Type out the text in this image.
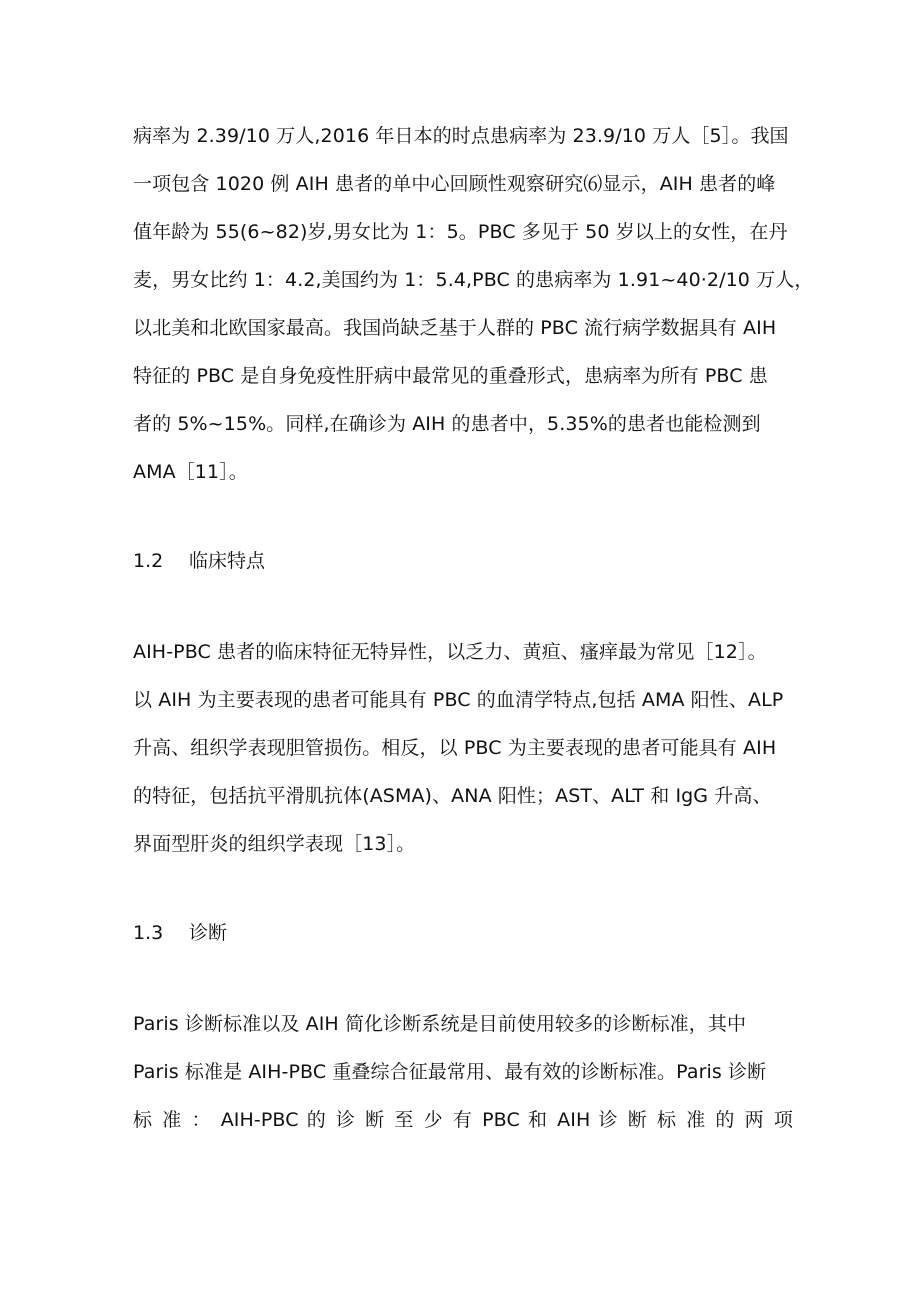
病率为 2.39/10 万人,2016 年日本的时点患病率为 23.9/10 万人［5］。我国

一项包含 1020 例 AIH 患者的单中心回顾性观察研究⑹显示，AIH 患者的峰

值年龄为 55(6~82)岁,男女比为 1：5。PBC 多见于 50 岁以上的女性，在丹

麦，男女比约 1：4.2,美国约为 1：5.4,PBC 的患病率为 1.91~40·2/10 万人，

以北美和北欧国家最高。我国尚缺乏基于人群的 PBC 流行病学数据具有 AIH

特征的 PBC 是自身免疫性肝病中最常见的重叠形式，患病率为所有 PBC 患

者的 5%~15%。同样,在确诊为 AIH 的患者中，5.35%的患者也能检测到

AMA［11］。

1.2 临床特点

AIH-PBC 患者的临床特征无特异性，以乏力、黄疸、瘙痒最为常见［12］。

以 AIH 为主要表现的患者可能具有 PBC 的血清学特点,包括 AMA 阳性、ALP

升高、组织学表现胆管损伤。相反，以 PBC 为主要表现的患者可能具有 AIH

的特征，包括抗平滑肌抗体(ASMA)、ANA 阳性；AST、ALT 和 IgG 升高、

界面型肝炎的组织学表现［13］。

1.3 诊断

Paris 诊断标准以及 AIH 简化诊断系统是目前使用较多的诊断标准，其中

Paris 标准是 AIH-PBC 重叠综合征最常用、最有效的诊断标准。Paris 诊断

标 准 ： AIH-PBC 的 诊 断 至 少 有 PBC 和 AIH 诊 断 标 准 的 两 项
